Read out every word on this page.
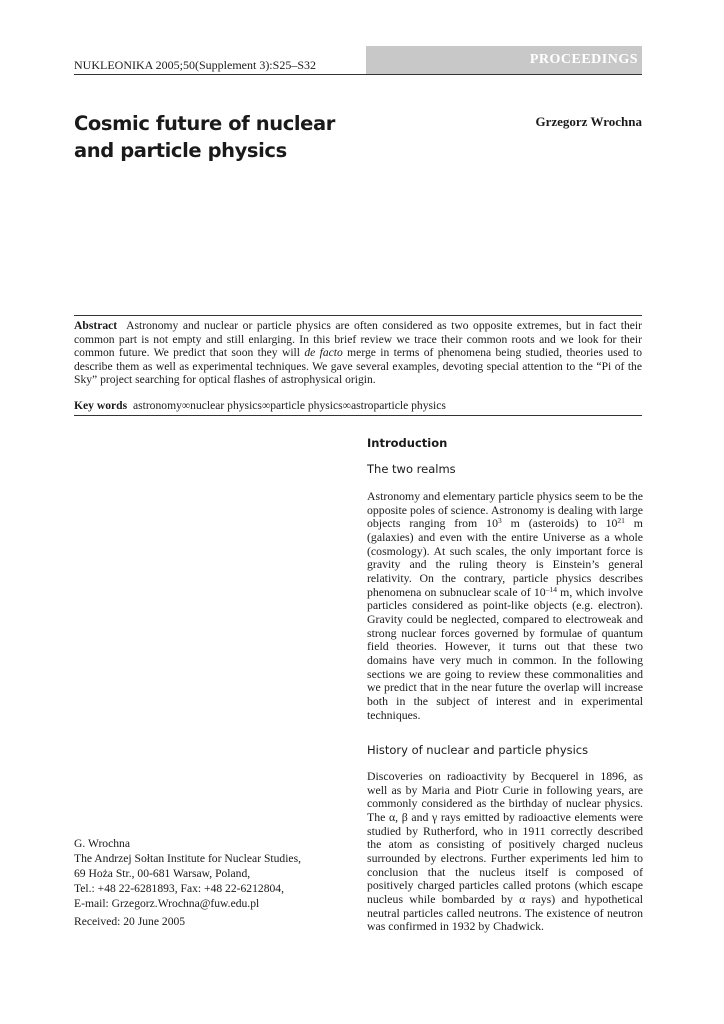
NUKLEONIKA 2005;50(Supplement 3):S25–S32	PROCEEDINGS
Cosmic future of nuclear
and particle physics
Grzegorz Wrochna
Abstract Astronomy and nuclear or particle physics are often considered as two opposite extremes, but in fact their common part is not empty and still enlarging. In this brief review we trace their common roots and we look for their common future. We predict that soon they will de facto merge in terms of phenomena being studied, theories used to describe them as well as experimental techniques. We gave several examples, devoting special attention to the “Pi of the Sky” project searching for optical flashes of astrophysical origin.
Key words astronomy∞nuclear physics∞particle physics∞astroparticle physics
Introduction
The two realms
Astronomy and elementary particle physics seem to be the opposite poles of science. Astronomy is dealing with large objects ranging from $10^3$ m (asteroids) to $10^{21}$ m (galaxies) and even with the entire Universe as a whole (cosmology). At such scales, the only important force is gravity and the ruling theory is Einstein’s general relativity. On the contrary, particle physics describes phenomena on subnuclear scale of $10^{-14}$ m, which involve particles considered as point-like objects (e.g. electron). Gravity could be neglected, compared to electroweak and strong nuclear forces governed by formulae of quantum field theories. However, it turns out that these two domains have very much in common. In the following sections we are going to review these commonalities and we predict that in the near future the overlap will increase both in the subject of interest and in experimental techniques.
History of nuclear and particle physics
Discoveries on radioactivity by Becquerel in 1896, as well as by Maria and Piotr Curie in following years, are commonly considered as the birthday of nuclear physics. The α, β and γ rays emitted by radioactive elements were studied by Rutherford, who in 1911 correctly described the atom as consisting of positively charged nucleus surrounded by electrons. Further experiments led him to conclusion that the nucleus itself is composed of positively charged particles called protons (which escape nucleus while bombarded by α rays) and hypothetical neutral particles called neutrons. The existence of neutron was confirmed in 1932 by Chadwick.
G. Wrochna
The Andrzej Sołtan Institute for Nuclear Studies,
69 Hoża Str., 00-681 Warsaw, Poland,
Tel.: +48 22-6281893, Fax: +48 22-6212804,
E-mail: Grzegorz.Wrochna@fuw.edu.pl
Received: 20 June 2005
